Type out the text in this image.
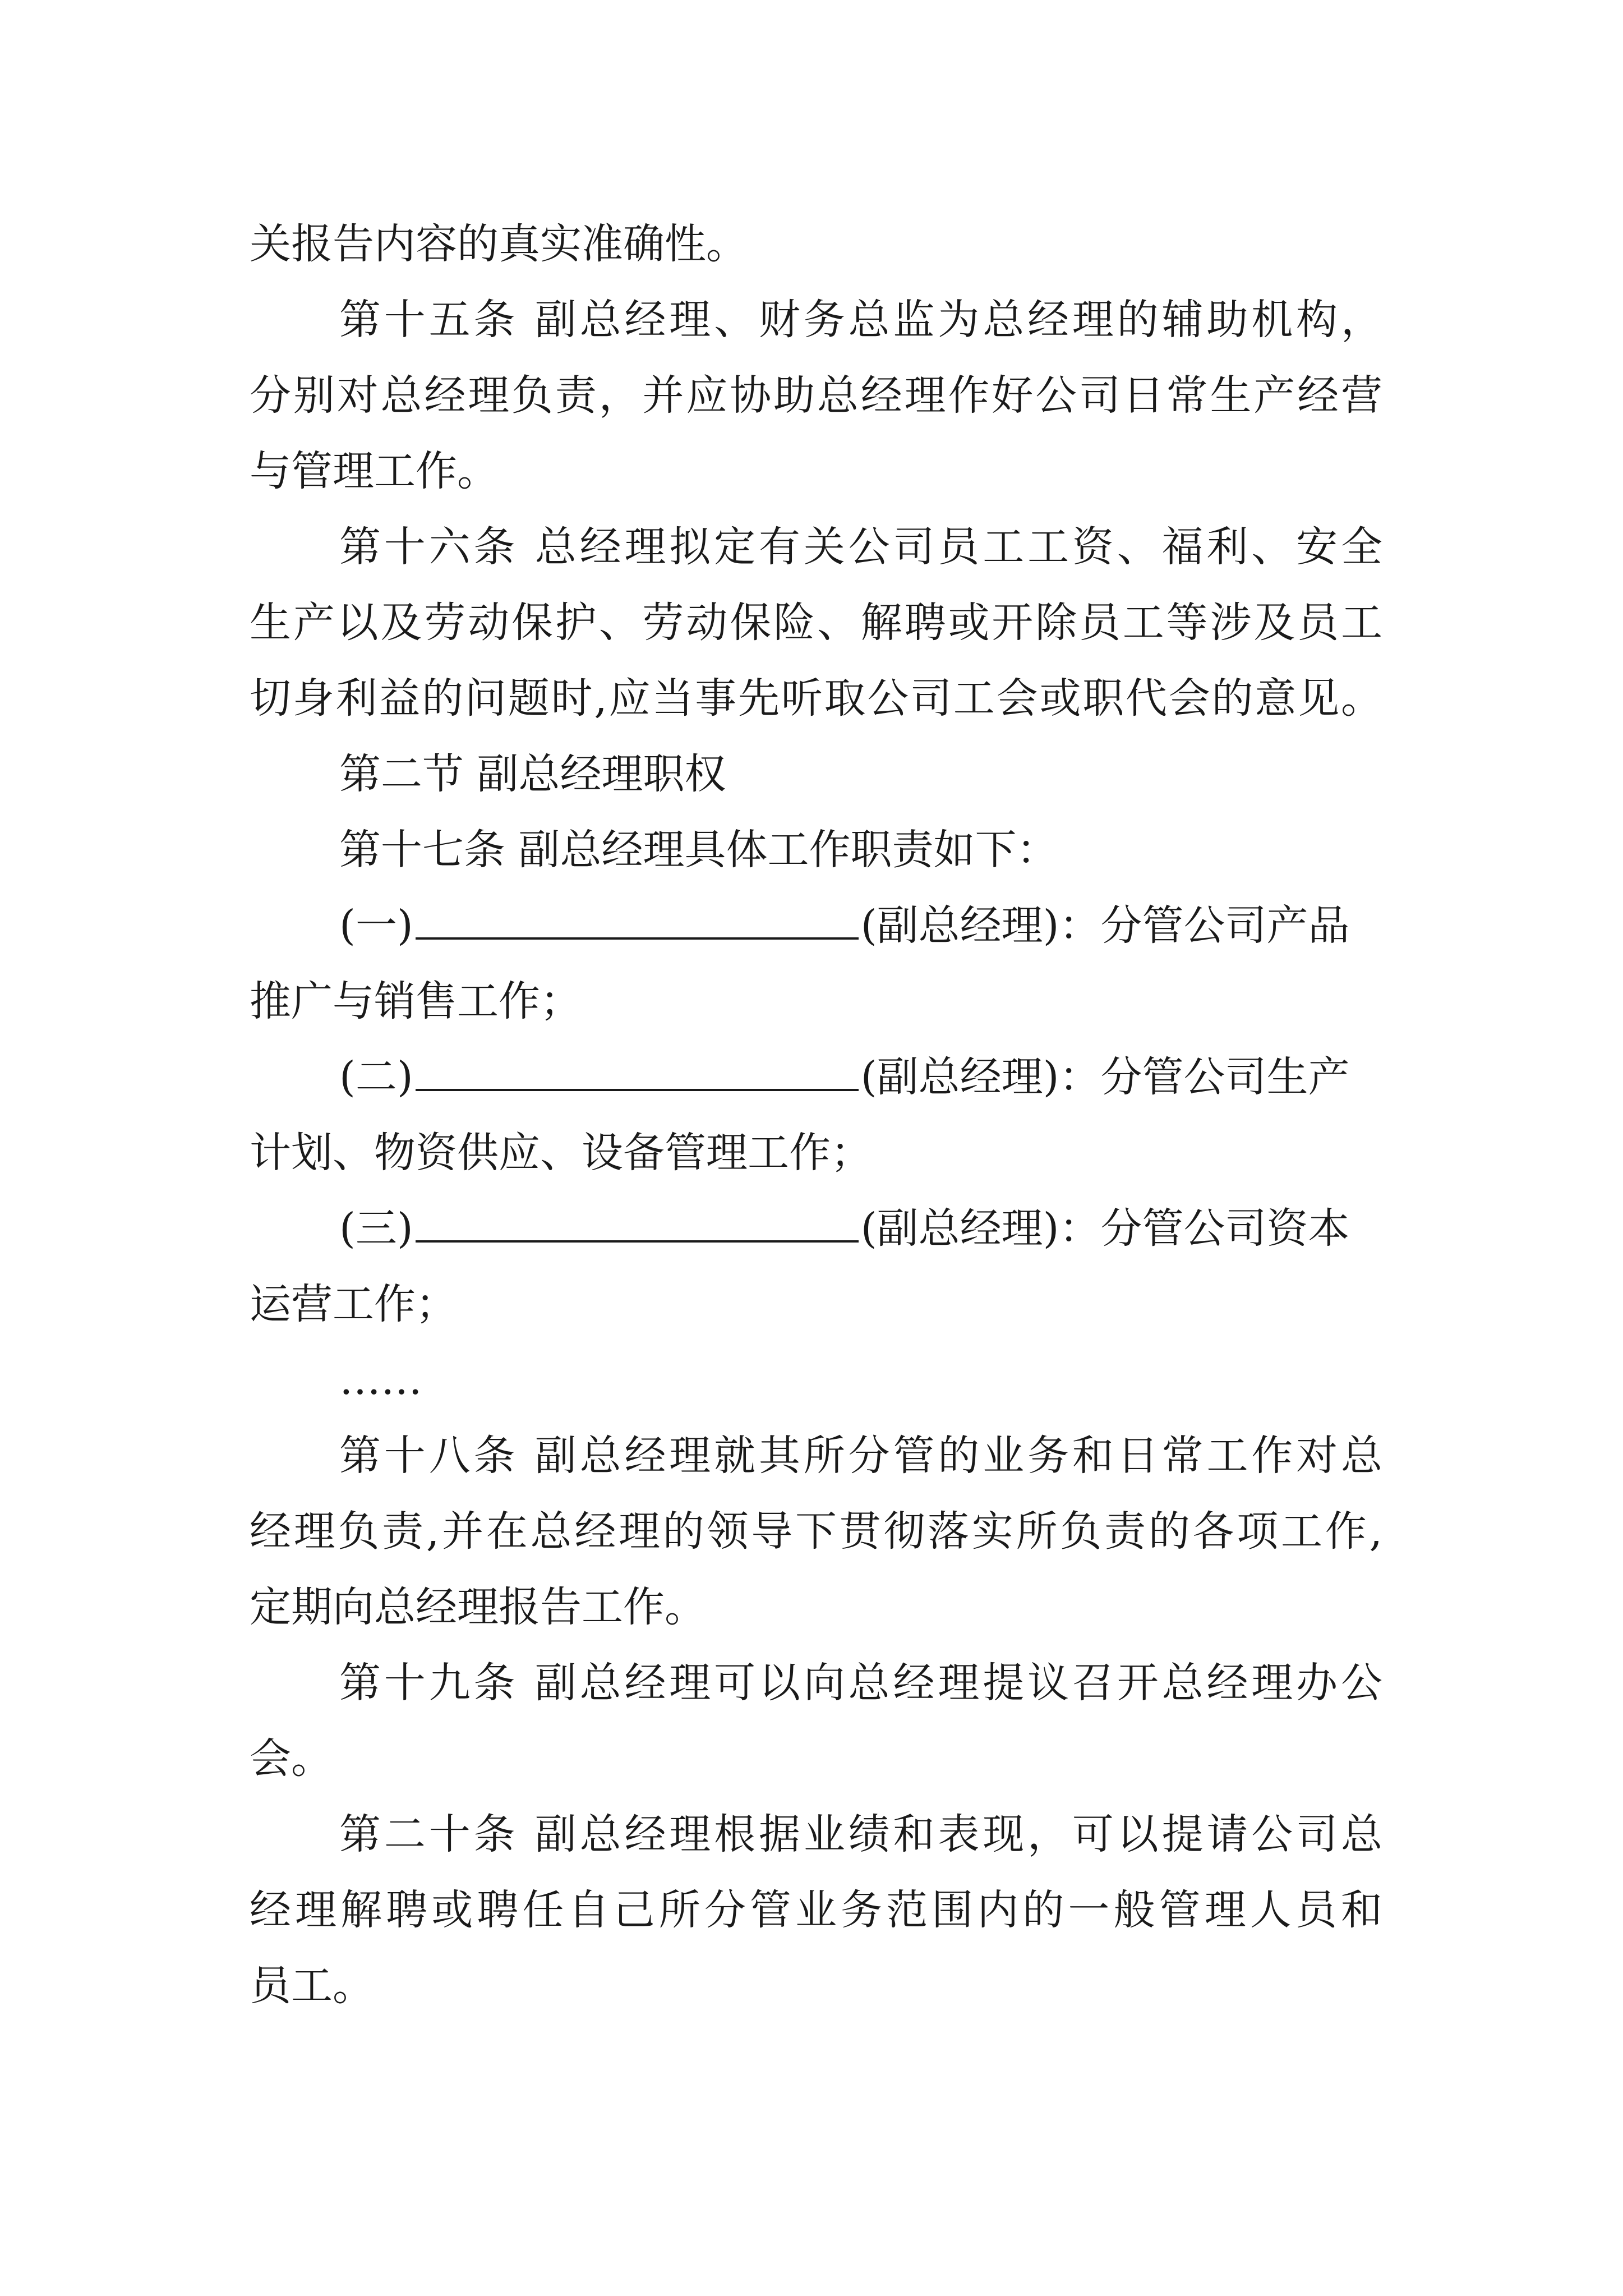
关报告内容的真实准确性。
第十五条 副总经理、财务总监为总经理的辅助机构，
分别对总经理负责，并应协助总经理作好公司日常生产经营
与管理工作。
第十六条 总经理拟定有关公司员工工资、福利、安全
生产以及劳动保护、劳动保险、解聘或开除员工等涉及员工
切身利益的问题时,应当事先听取公司工会或职代会的意见。
第二节 副总经理职权
第十七条 副总经理具体工作职责如下：
(一)	(副总经理)：分管公司产品
推广与销售工作；
(二)	(副总经理)：分管公司生产
计划、物资供应、设备管理工作；
(三)	(副总经理)：分管公司资本
运营工作；
……
第十八条 副总经理就其所分管的业务和日常工作对总
经理负责,并在总经理的领导下贯彻落实所负责的各项工作,
定期向总经理报告工作。
第十九条 副总经理可以向总经理提议召开总经理办公
会。
第二十条 副总经理根据业绩和表现，可以提请公司总
经理解聘或聘任自己所分管业务范围内的一般管理人员和
员工。
